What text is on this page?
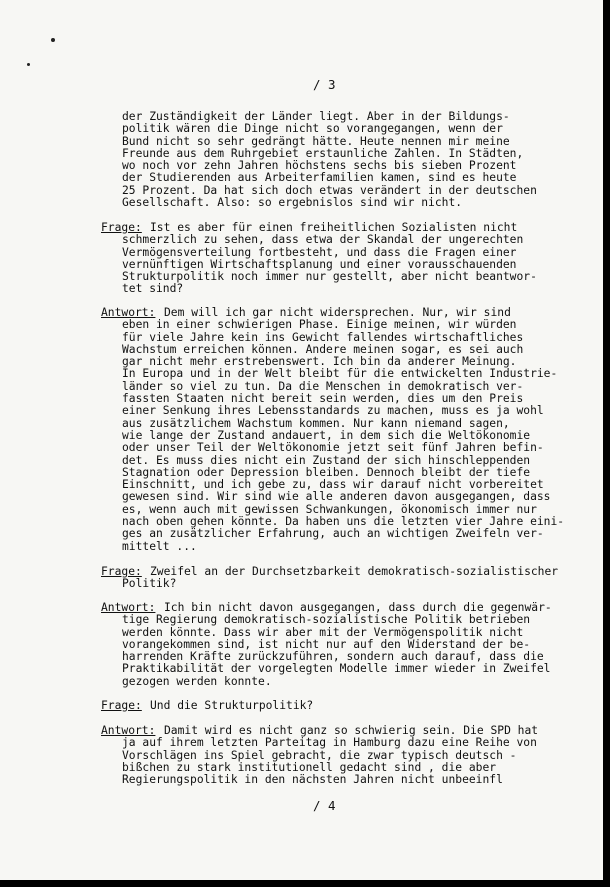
/ 3
der Zuständigkeit der Länder liegt. Aber in der Bildungs-
politik wären die Dinge nicht so vorangegangen, wenn der
Bund nicht so sehr gedrängt hätte. Heute nennen mir meine
Freunde aus dem Ruhrgebiet erstaunliche Zahlen. In Städten,
wo noch vor zehn Jahren höchstens sechs bis sieben Prozent
der Studierenden aus Arbeiterfamilien kamen, sind es heute
25 Prozent. Da hat sich doch etwas verändert in der deutschen
Gesellschaft. Also: so ergebnislos sind wir nicht.
Frage: Ist es aber für einen freiheitlichen Sozialisten nicht
schmerzlich zu sehen, dass etwa der Skandal der ungerechten
Vermögensverteilung fortbesteht, und dass die Fragen einer
vernünftigen Wirtschaftsplanung und einer vorausschauenden
Strukturpolitik noch immer nur gestellt, aber nicht beantwor-
tet sind?
Antwort: Dem will ich gar nicht widersprechen. Nur, wir sind
eben in einer schwierigen Phase. Einige meinen, wir würden
für viele Jahre kein ins Gewicht fallendes wirtschaftliches
Wachstum erreichen können. Andere meinen sogar, es sei auch
gar nicht mehr erstrebenswert. Ich bin da anderer Meinung.
In Europa und in der Welt bleibt für die entwickelten Industrie-
länder so viel zu tun. Da die Menschen in demokratisch ver-
fassten Staaten nicht bereit sein werden, dies um den Preis
einer Senkung ihres Lebensstandards zu machen, muss es ja wohl
aus zusätzlichem Wachstum kommen. Nur kann niemand sagen,
wie lange der Zustand andauert, in dem sich die Weltökonomie
oder unser Teil der Weltökonomie jetzt seit fünf Jahren befin-
det. Es muss dies nicht ein Zustand der sich hinschleppenden
Stagnation oder Depression bleiben. Dennoch bleibt der tiefe
Einschnitt, und ich gebe zu, dass wir darauf nicht vorbereitet
gewesen sind. Wir sind wie alle anderen davon ausgegangen, dass
es, wenn auch mit gewissen Schwankungen, ökonomisch immer nur
nach oben gehen könnte. Da haben uns die letzten vier Jahre eini-
ges an zusätzlicher Erfahrung, auch an wichtigen Zweifeln ver-
mittelt ...
Frage: Zweifel an der Durchsetzbarkeit demokratisch-sozialistischer
Politik?
Antwort: Ich bin nicht davon ausgegangen, dass durch die gegenwär-
tige Regierung demokratisch-sozialistische Politik betrieben
werden könnte. Dass wir aber mit der Vermögenspolitik nicht
vorangekommen sind, ist nicht nur auf den Widerstand der be-
harrenden Kräfte zurückzuführen, sondern auch darauf, dass die
Praktikabilität der vorgelegten Modelle immer wieder in Zweifel
gezogen werden konnte.
Frage: Und die Strukturpolitik?
Antwort: Damit wird es nicht ganz so schwierig sein. Die SPD hat
ja auf ihrem letzten Parteitag in Hamburg dazu eine Reihe von
Vorschlägen ins Spiel gebracht, die zwar typisch deutsch -
bißchen zu stark institutionell gedacht sind , die aber
Regierungspolitik in den nächsten Jahren nicht unbeeinfl
/ 4
